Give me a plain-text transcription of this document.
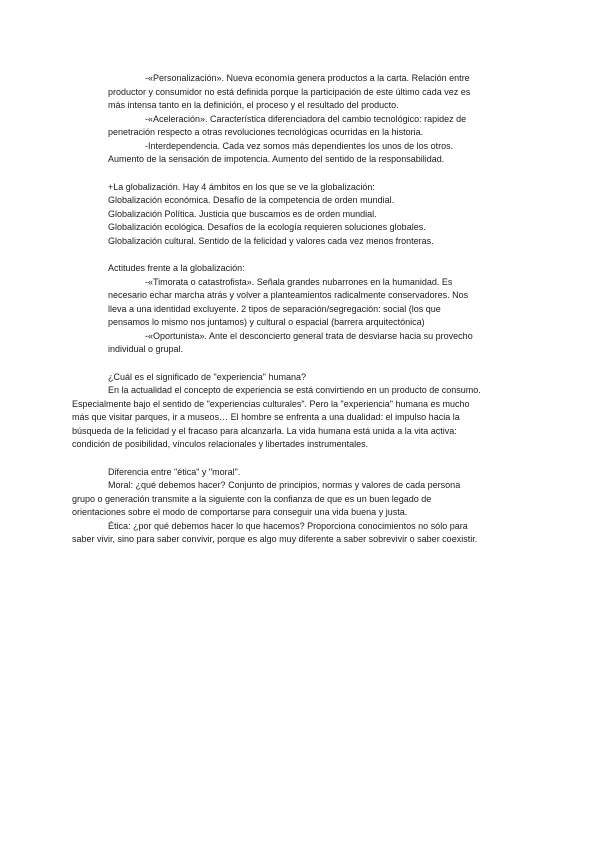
-«Personalización». Nueva economía genera productos a la carta. Relación entre
productor y consumidor no está definida porque la participación de este último cada vez es
más intensa tanto en la definición, el proceso y el resultado del producto.
-«Aceleración». Característica diferenciadora del cambio tecnológico: rapidez de
penetración respecto a otras revoluciones tecnológicas ocurridas en la historia.
-Interdependencia. Cada vez somos más dependientes los unos de los otros.
Aumento de la sensación de impotencia. Aumento del sentido de la responsabilidad.
+La globalización. Hay 4 ámbitos en los que se ve la globalización:
Globalización económica. Desafío de la competencia de orden mundial.
Globalización Política. Justicia que buscamos es de orden mundial.
Globalización ecológica. Desafíos de la ecología requieren soluciones globales.
Globalización cultural. Sentido de la felicidad y valores cada vez menos fronteras.
Actitudes frente a la globalización:
-«Timorata o catastrofista». Señala grandes nubarrones en la humanidad. Es
necesario echar marcha atrás y volver a planteamientos radicalmente conservadores. Nos
lleva a una identidad excluyente. 2 tipos de separación/segregación: social (los que
pensamos lo mismo nos juntamos) y cultural o espacial (barrera arquitectónica)
-«Oportunista». Ante el desconcierto general trata de desviarse hacia su provecho
individual o grupal.
¿Cuál es el significado de "experiencia" humana?
En la actualidad el concepto de experiencia se está convirtiendo en un producto de consumo.
Especialmente bajo el sentido de "experiencias culturales". Pero la "experiencia" humana es mucho
más que visitar parques, ir a museos… El hombre se enfrenta a una dualidad: el impulso hacia la
búsqueda de la felicidad y el fracaso para alcanzarla. La vida humana está unida a la vita activa:
condición de posibilidad, vínculos relacionales y libertades instrumentales.
Diferencia entre "ética" y "moral".
Moral: ¿qué debemos hacer? Conjunto de principios, normas y valores de cada persona
grupo o generación transmite a la siguiente con la confianza de que es un buen legado de
orientaciones sobre el modo de comportarse para conseguir una vida buena y justa.
Ética: ¿por qué debemos hacer lo que hacemos? Proporciona conocimientos no sólo para
saber vivir, sino para saber convivir, porque es algo muy diferente a saber sobrevivir o saber coexistir.
